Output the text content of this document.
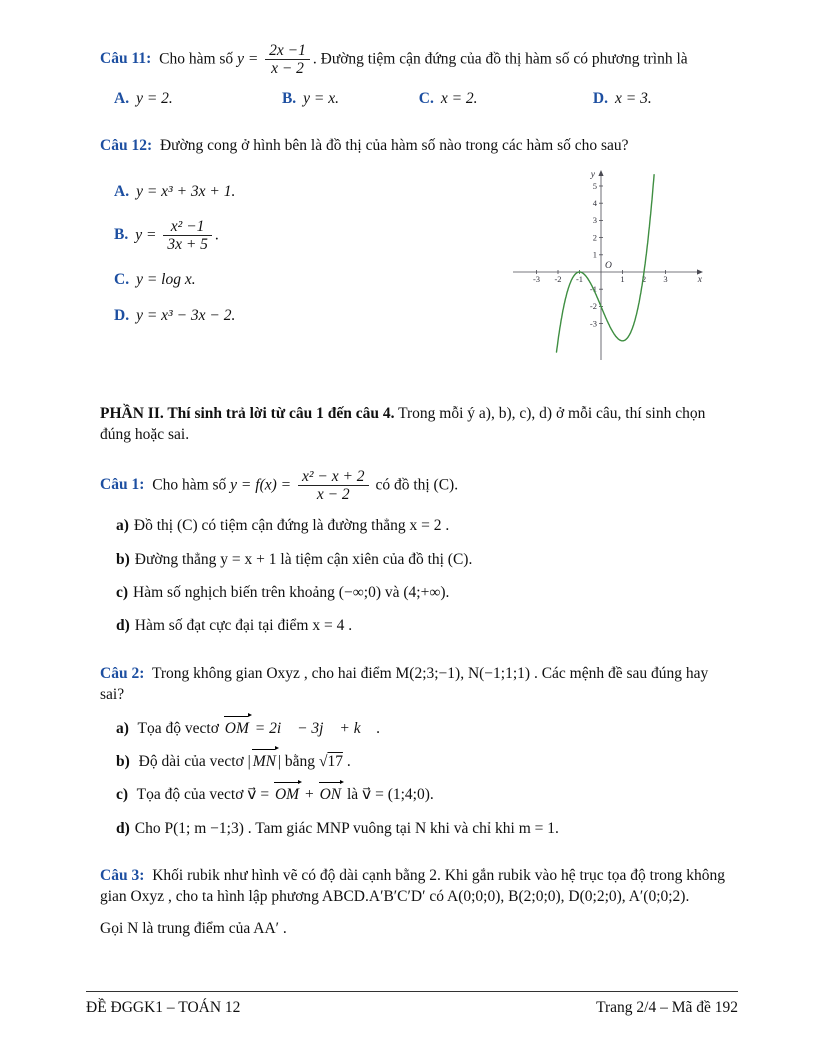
Câu 11: Cho hàm số $y = \frac{2x -1}{x - 2}$ . Đường tiệm cận đứng của đồ thị hàm số có phương trình là

A. y = 2.	B. y = x.	C. x = 2.	D. x = 3.

Câu 12: Đường cong ở hình bên là đồ thị của hàm số nào trong các hàm số cho sau?

A. y = x³ + 3x + 1.
B. $y = \frac{\text{x² −1}}{3x + 5}$ .
C. y = log x.
D. y = x³ − 3x − 2.
-3 -2 -1	1 2 3
-3
-2
-1
1
2
3
4
5
x
y
O

PHẦN II. Thí sinh trả lời từ câu 1 đến câu 4. Trong mỗi ý a), b), c), d) ở mỗi câu, thí sinh chọn đúng hoặc sai.

Câu 1: Cho hàm số $y = f(x) = \frac{\text{x² − x + 2}}{x - 2}$ có đồ thị (C).

a) Đồ thị (C) có tiệm cận đứng là đường thẳng x = 2 .

b) Đường thẳng y = x + 1 là tiệm cận xiên của đồ thị (C).

c) Hàm số nghịch biến trên khoảng (−∞;0) và (4;+∞).

d) Hàm số đạt cực đại tại điểm x = 4 .

Câu 2: Trong không gian Oxyz , cho hai điểm M(2;3;−1), N(−1;1;1) . Các mệnh đề sau đúng hay sai?

a) Tọa độ vectơ OM = 2i⃗ − 3j⃗ + k⃗ .

b) Độ dài của vectơ | MN | bằng √17 .

c) Tọa độ của vectơ v⃗ = OM + ON là v⃗ = (1;4;0).

d) Cho P(1; m −1;3) . Tam giác MNP vuông tại N khi và chỉ khi m = 1.

Câu 3: Khối rubik như hình vẽ có độ dài cạnh bằng 2. Khi gắn rubik vào hệ trục tọa độ trong không gian Oxyz , cho ta hình lập phương ABCD.A′B′C′D′ có A(0;0;0), B(2;0;0), D(0;2;0), A′(0;0;2).

Gọi N là trung điểm của AA′ .

ĐỀ ĐGGK1 – TOÁN 12	Trang 2/4 – Mã đề 192
